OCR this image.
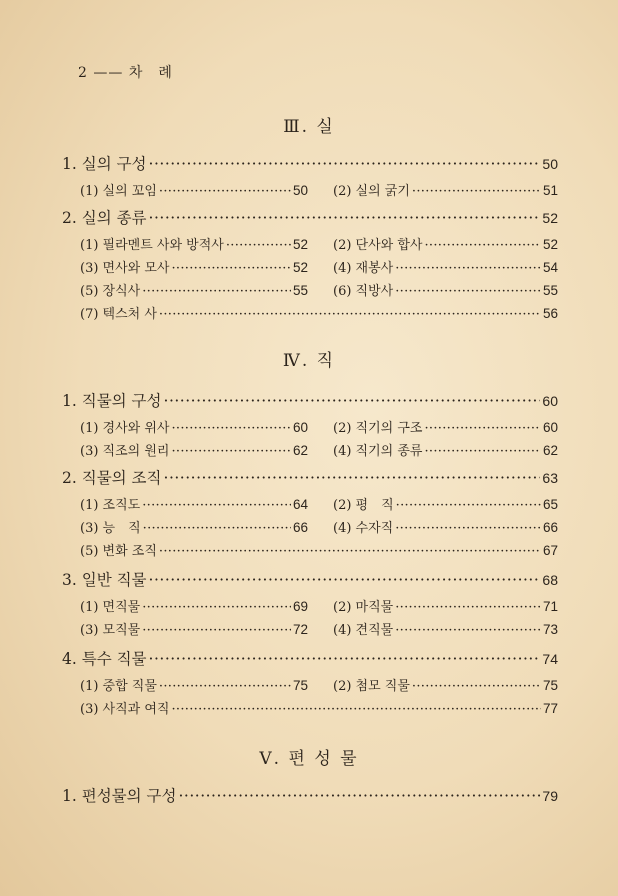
2 —— 차　례
Ⅲ. 실
1. 실의 구성 ·····	50
(1) 실의 꼬임 ·····	50 (2) 실의 굵기 ·····	51
2. 실의 종류 ·····	52
(1) 필라멘트 사와 방적사 ·····	52 (2) 단사와 합사 ·····	52
(3) 면사와 모사 ·····	52 (4) 재봉사 ·····	54
(5) 장식사 ·····	55 (6) 직방사 ·····	55
(7) 텍스처 사 ·····	56
Ⅳ. 직
1. 직물의 구성 ·····	60
(1) 경사와 위사 ·····	60 (2) 직기의 구조 ·····	60
(3) 직조의 원리 ·····	62 (4) 직기의 종류 ·····	62
2. 직물의 조직 ·····	63
(1) 조직도 ·····	64 (2) 평　직 ·····	65
(3) 능　직 ·····	66 (4) 수자직 ·····	66
(5) 변화 조직 ·····	67
3. 일반 직물 ·····	68
(1) 면직물 ·····	69 (2) 마직물 ·····	71
(3) 모직물 ·····	72 (4) 견직물 ·····	73
4. 특수 직물 ·····	74
(1) 중합 직물 ·····	75 (2) 첨모 직물 ·····	75
(3) 사직과 여직 ·····	77
Ⅴ. 편 성 물
1. 편성물의 구성 ·····	79
